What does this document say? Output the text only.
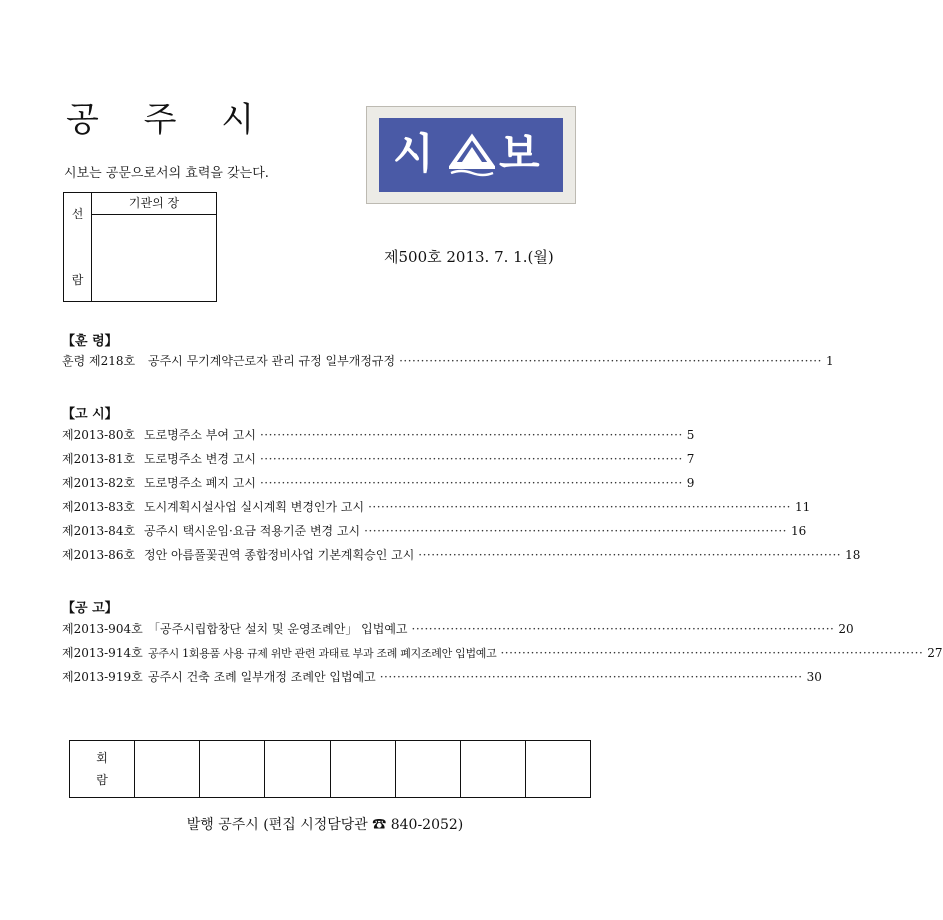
공 주 시
시보는 공문으로서의 효력을 갖는다.	시 보
선
람
기관의 장
제500호 2013. 7. 1.(월)
【훈 령】
훈령 제218호	공주시 무기계약근로자 관리 규정 일부개정규정 ·································································································· 1
【고 시】
제2013-80호 도로명주소 부여 고시 ·································································································· 5
제2013-81호 도로명주소 변경 고시 ·································································································· 7
제2013-82호 도로명주소 폐지 고시 ·································································································· 9
제2013-83호 도시계획시설사업 실시계획 변경인가 고시 ·································································································· 11
제2013-84호 공주시 택시운임·요금 적용기준 변경 고시 ·································································································· 16
제2013-86호 정안 아름풀꽃권역 종합정비사업 기본계획승인 고시 ·································································································· 18
【공 고】
제2013-904호 「공주시립합창단 설치 및 운영조례안」 입법예고 ·································································································· 20
제2013-914호 공주시 1회용품 사용 규제 위반 관련 과태료 부과 조례 폐지조례안 입법예고 ·································································································· 27
제2013-919호 공주시 건축 조례 일부개정 조례안 입법예고 ·································································································· 30
회
람
발행 공주시 (편집 시정담당관 ☎ 840-2052)
